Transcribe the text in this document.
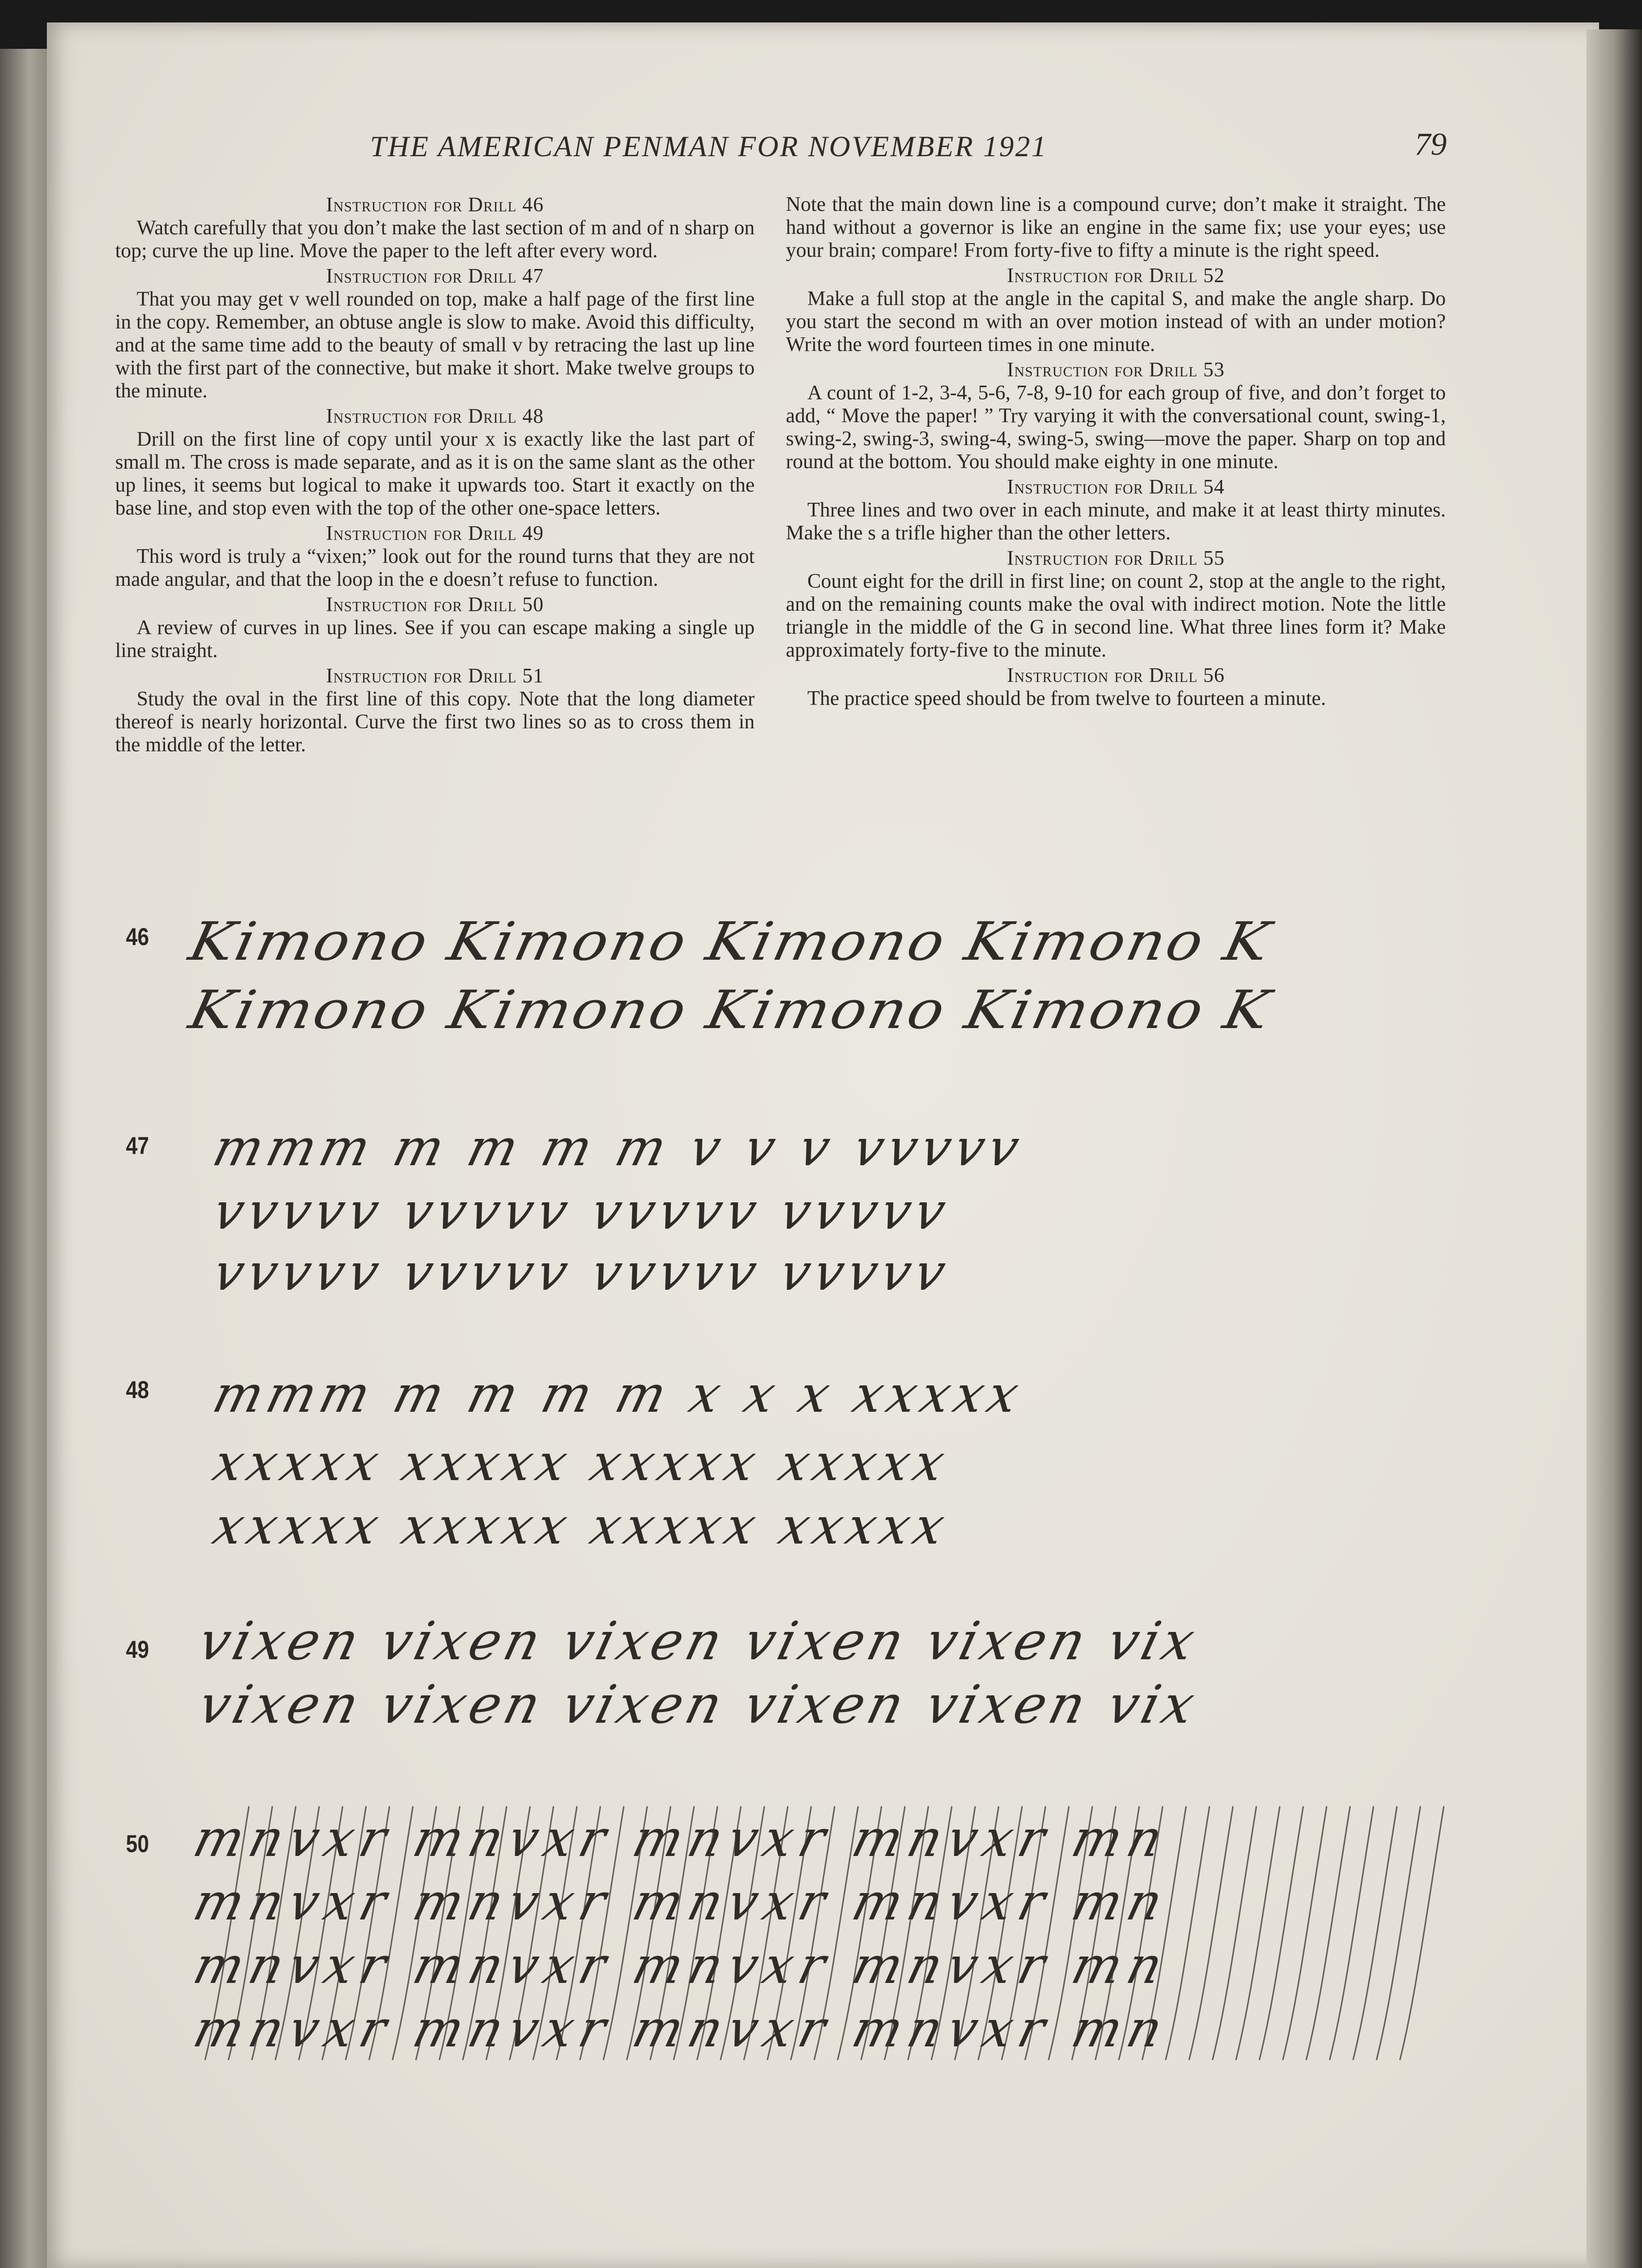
THE AMERICAN PENMAN FOR NOVEMBER 1921	79

Instruction for Drill 46

Watch carefully that you don’t make the last section of m and of n sharp on top; curve the up line. Move the paper to the left after every word.

Instruction for Drill 47

That you may get v well rounded on top, make a half page of the first line in the copy. Remember, an obtuse angle is slow to make. Avoid this difficulty, and at the same time add to the beauty of small v by retracing the last up line with the first part of the connective, but make it short. Make twelve groups to the minute.

Instruction for Drill 48

Drill on the first line of copy until your x is exactly like the last part of small m. The cross is made separate, and as it is on the same slant as the other up lines, it seems but logical to make it upwards too. Start it exactly on the base line, and stop even with the top of the other one-space letters.

Instruction for Drill 49

This word is truly a “vixen;” look out for the round turns that they are not made angular, and that the loop in the e doesn’t refuse to function.

Instruction for Drill 50

A review of curves in up lines. See if you can escape making a single up line straight.

Instruction for Drill 51

Study the oval in the first line of this copy. Note that the long diameter thereof is nearly horizontal. Curve the first two lines so as to cross them in the middle of the letter.

Note that the main down line is a compound curve; don’t make it straight. The hand without a governor is like an engine in the same fix; use your eyes; use your brain; compare! From forty-five to fifty a minute is the right speed.

Instruction for Drill 52

Make a full stop at the angle in the capital S, and make the angle sharp. Do you start the second m with an over motion instead of with an under motion? Write the word fourteen times in one minute.

Instruction for Drill 53

A count of 1-2, 3-4, 5-6, 7-8, 9-10 for each group of five, and don’t forget to add, “ Move the paper! ” Try varying it with the conversational count, swing-1, swing-2, swing-3, swing-4, swing-5, swing—move the paper. Sharp on top and round at the bottom. You should make eighty in one minute.

Instruction for Drill 54

Three lines and two over in each minute, and make it at least thirty minutes. Make the s a trifle higher than the other letters.

Instruction for Drill 55

Count eight for the drill in first line; on count 2, stop at the angle to the right, and on the remaining counts make the oval with indirect motion. Note the little triangle in the middle of the G in second line. What three lines form it? Make approximately forty-five to the minute.

Instruction for Drill 56

The practice speed should be from twelve to fourteen a minute.

46 Kimono Kimono Kimono Kimono K
Kimono Kimono Kimono Kimono K
47 mmm m m m m v v v vvvvv
vvvvv vvvvv vvvvv vvvvv
vvvvv vvvvv vvvvv vvvvv
48 mmm m m m m x x x xxxxx
xxxxx xxxxx xxxxx xxxxx
xxxxx xxxxx xxxxx xxxxx
49 vixen vixen vixen vixen vixen vix
vixen vixen vixen vixen vixen vix
50 mnvxr mnvxr mnvxr mnvxr mn
mnvxr mnvxr mnvxr mnvxr mn
mnvxr mnvxr mnvxr mnvxr mn
mnvxr mnvxr mnvxr mnvxr mn
